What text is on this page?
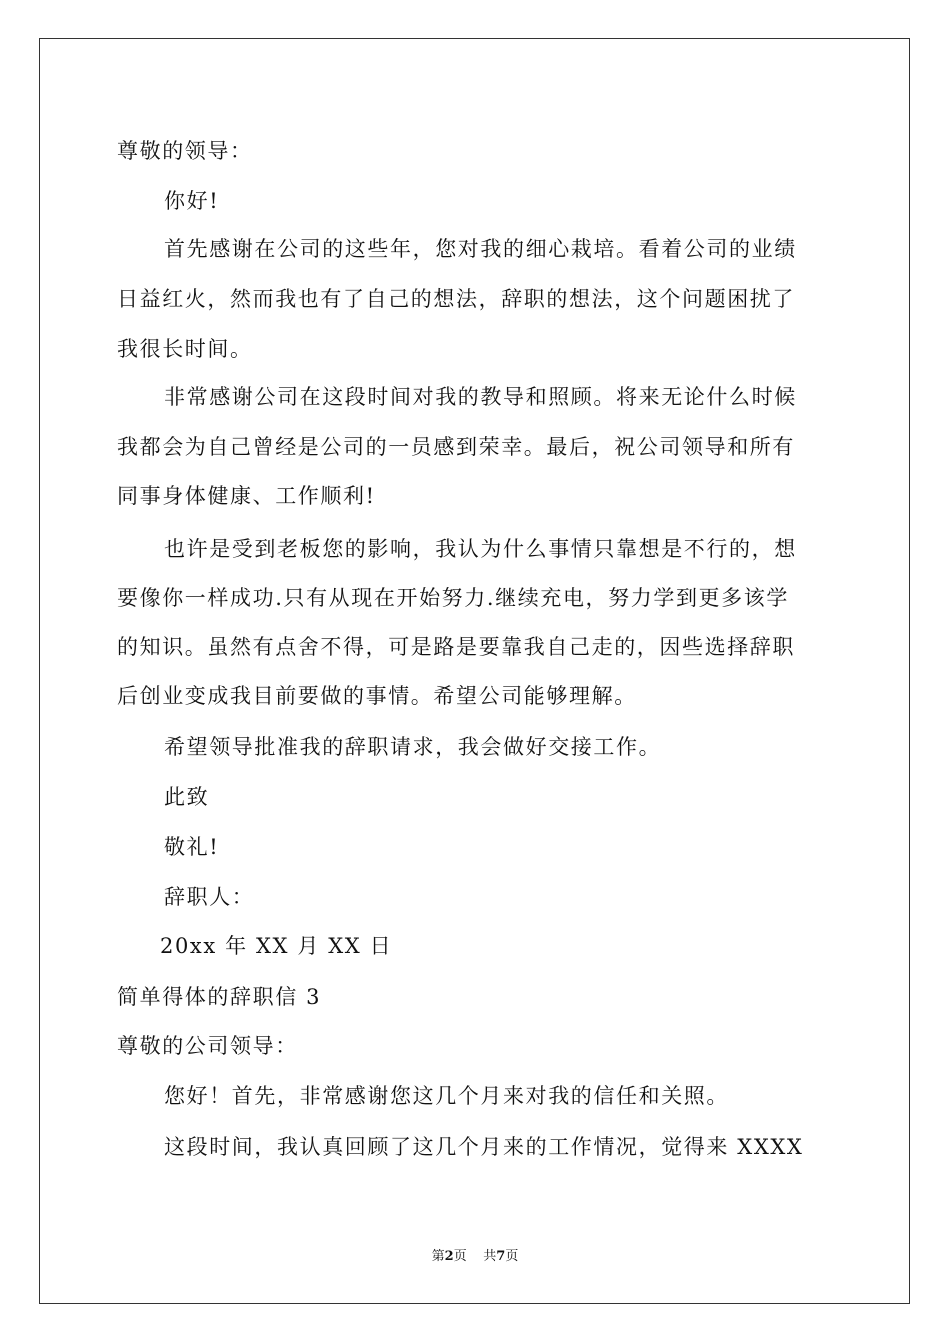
尊敬的领导：
你好!
首先感谢在公司的这些年，您对我的细心栽培。看着公司的业绩
日益红火，然而我也有了自己的想法，辞职的想法，这个问题困扰了
我很长时间。
非常感谢公司在这段时间对我的教导和照顾。将来无论什么时候
我都会为自己曾经是公司的一员感到荣幸。最后，祝公司领导和所有
同事身体健康、工作顺利!
也许是受到老板您的影响，我认为什么事情只靠想是不行的，想
要像你一样成功.只有从现在开始努力.继续充电，努力学到更多该学
的知识。虽然有点舍不得，可是路是要靠我自己走的，因些选择辞职
后创业变成我目前要做的事情。希望公司能够理解。
希望领导批准我的辞职请求，我会做好交接工作。
此致
敬礼!
辞职人：
20xx 年 XX 月 XX 日
简单得体的辞职信 3
尊敬的公司领导：
您好！首先，非常感谢您这几个月来对我的信任和关照。
这段时间，我认真回顾了这几个月来的工作情况，觉得来 XXXX
第2页 共7页
